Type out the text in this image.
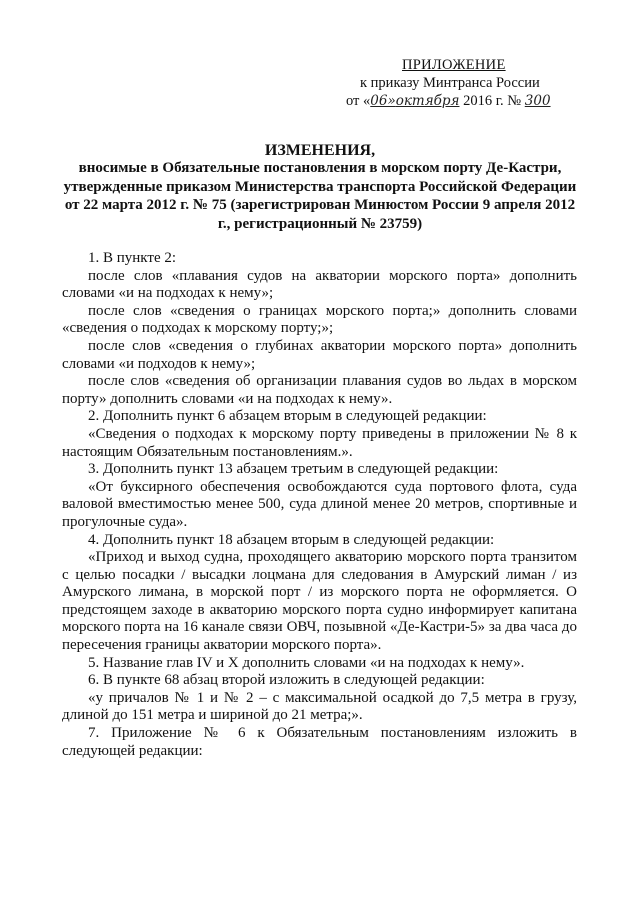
ПРИЛОЖЕНИЕ
к приказу Минтранса России
от «06»октября 2016 г. № 300
ИЗМЕНЕНИЯ,
вносимые в Обязательные постановления в морском порту Де-Кастри, утвержденные приказом Министерства транспорта Российской Федерации от 22 марта 2012 г. № 75 (зарегистрирован Минюстом России 9 апреля 2012 г., регистрационный № 23759)

1. В пункте 2:

после слов «плавания судов на акватории морского порта» дополнить словами «и на подходах к нему»;

после слов «сведения о границах морского порта;» дополнить словами «сведения о подходах к морскому порту;»;

после слов «сведения о глубинах акватории морского порта» дополнить словами «и подходов к нему»;

после слов «сведения об организации плавания судов во льдах в морском порту» дополнить словами «и на подходах к нему».

2. Дополнить пункт 6 абзацем вторым в следующей редакции:

«Сведения о подходах к морскому порту приведены в приложении № 8 к настоящим Обязательным постановлениям.».

3. Дополнить пункт 13 абзацем третьим в следующей редакции:

«От буксирного обеспечения освобождаются суда портового флота, суда валовой вместимостью менее 500, суда длиной менее 20 метров, спортивные и прогулочные суда».

4. Дополнить пункт 18 абзацем вторым в следующей редакции:

«Приход и выход судна, проходящего акваторию морского порта транзитом с целью посадки / высадки лоцмана для следования в Амурский лиман / из Амурского лимана, в морской порт / из морского порта не оформляется. О предстоящем заходе в акваторию морского порта судно информирует капитана морского порта на 16 канале связи ОВЧ, позывной «Де-Кастри-5» за два часа до пересечения границы акватории морского порта».

5. Название глав IV и X дополнить словами «и на подходах к нему».

6. В пункте 68 абзац второй изложить в следующей редакции:

«у причалов № 1 и № 2 – с максимальной осадкой до 7,5 метра в грузу, длиной до 151 метра и шириной до 21 метра;».

7. Приложение № 6 к Обязательным постановлениям изложить в следующей редакции:
